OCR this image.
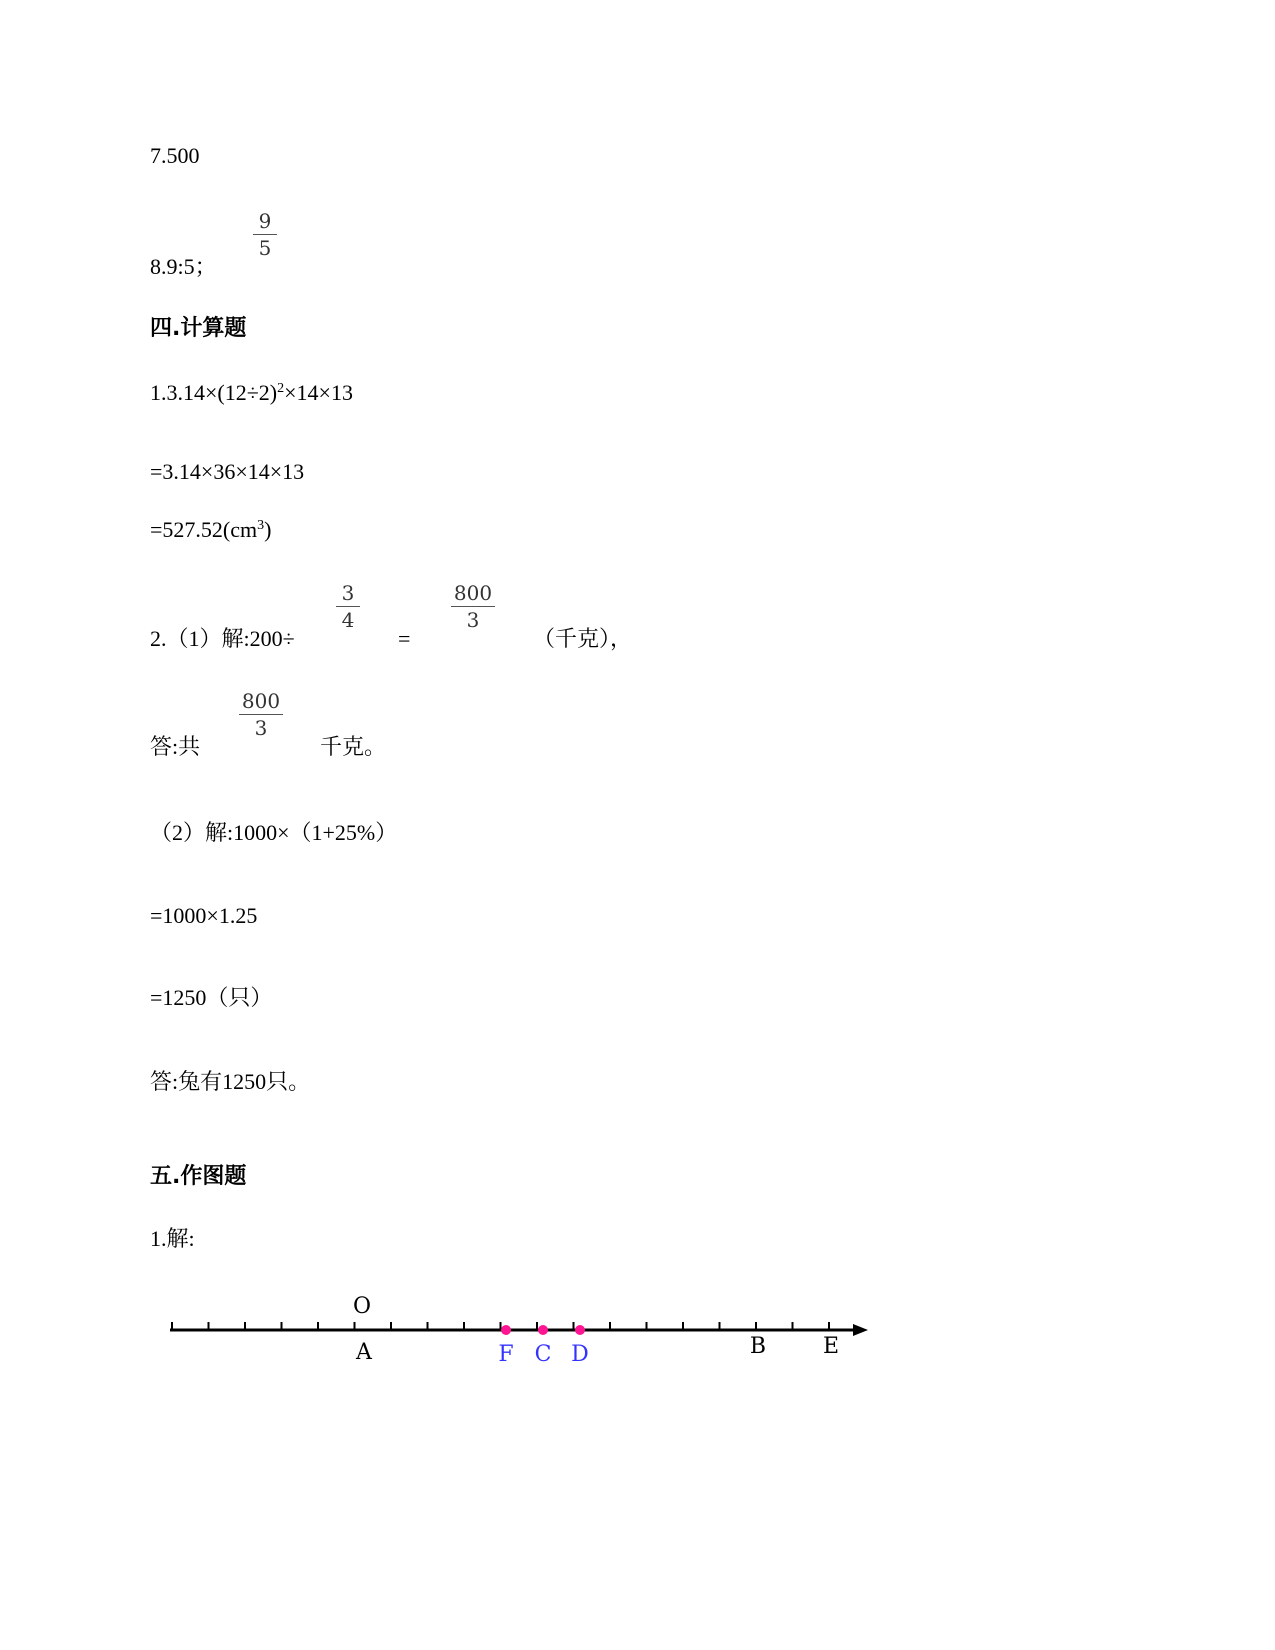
7.500
9
5
8.9:5；
四.计算题
$1.3.14\times(12\div 2)^2\times 14\times 13$
=3.14×36×14×13
$=527.52(cm^3)$
2.（1）解:200÷
3
4
=
800
3
（千克），
答:共
800
3
千克。
（2）解:1000×（1+25%）
=1000×1.25
=1250（只）
答:兔有1250只。
五.作图题
1.解:
O
A	B	E
F C D
